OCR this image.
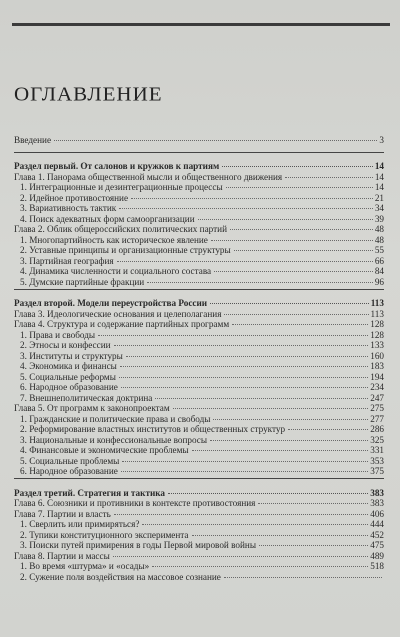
ОГЛАВЛЕНИЕ
Введение	3
Раздел первый. От салонов и кружков к партиям	14
Глава 1. Панорама общественной мысли и общественного движения	14
1. Интеграционные и дезинтеграционные процессы	14
2. Идейное противостояние	21
3. Вариативность тактик	34
4. Поиск адекватных форм самоорганизации	39
Глава 2. Облик общероссийских политических партий	48
1. Многопартийность как историческое явление	48
2. Уставные принципы и организационные структуры	55
3. Партийная география	66
4. Динамика численности и социального состава	84
5. Думские партийные фракции	96
Раздел второй. Модели переустройства России	113
Глава 3. Идеологические основания и целеполагания	113
Глава 4. Структура и содержание партийных программ	128
1. Права и свободы	128
2. Этносы и конфессии	133
3. Институты и структуры	160
4. Экономика и финансы	183
5. Социальные реформы	194
6. Народное образование	234
7. Внешнеполитическая доктрина	247
Глава 5. От программ к законопроектам	275
1. Гражданские и политические права и свободы	277
2. Реформирование властных институтов и общественных структур	286
3. Национальные и конфессиональные вопросы	325
4. Финансовые и экономические проблемы	331
5. Социальные проблемы	353
6. Народное образование	375
Раздел третий. Стратегия и тактика	383
Глава 6. Союзники и противники в контексте противостояния	383
Глава 7. Партии и власть	406
1. Сверлить или примиряться?	444
2. Тупики конституционного эксперимента	452
3. Поиски путей примирения в годы Первой мировой войны	475
Глава 8. Партии и массы	489
1. Во время «штурма» и «осады»	518
2. Сужение поля воздействия на массовое сознание
